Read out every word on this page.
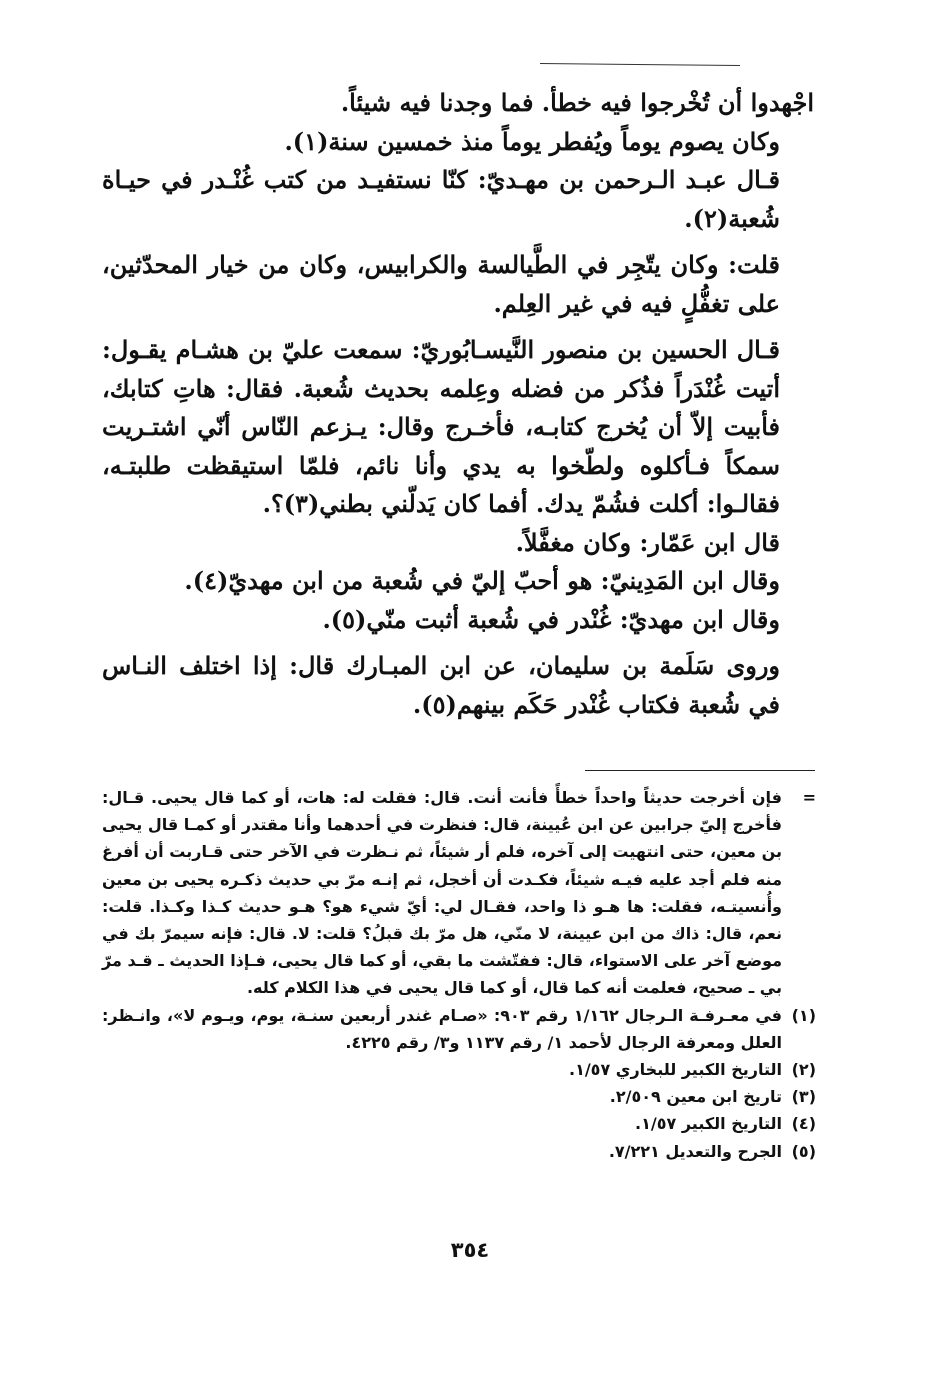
اجْهدوا أن تُخْرجوا فيه خطأ. فما وجدنا فيه شيئاً.

وكان يصوم يوماً ويُفطر يوماً منذ خمسين سنة(١).

قـال عبـد الـرحمن بن مهـديّ: كنّا نستفيـد من كتب غُنْـدر في حيـاة شُعبة(٢).

قلت: وكان يتّجِر في الطَّيالسة والكرابيس، وكان من خيار المحدّثين، على تغفُّلٍ فيه في غير العِلم.

قـال الحسين بن منصور النَّيسـابُوريّ: سمعت عليّ بن هشـام يقـول: أتيت غُنْدَراً فذُكر من فضله وعِلمه بحديث شُعبة. فقال: هاتِ كتابك، فأبيت إلاّ أن يُخرج كتابـه، فأخـرج وقال: يـزعم النّاس أنّي اشتـريت سمكاً فـأكلوه ولطّخوا به يدي وأنا نائم، فلمّا استيقظت طلبتـه، فقالـوا: أكلت فشُمّ يدك. أفما كان يَدلّني بطني(٣)؟.

قال ابن عَمّار: وكان مغفَّلاً.

وقال ابن المَدِينيّ: هو أحبّ إليّ في شُعبة من ابن مهديّ(٤).

وقال ابن مهديّ: غُنْدر في شُعبة أثبت منّي(٥).

وروى سَلَمة بن سليمان، عن ابن المبـارك قال: إذا اختلف النـاس في شُعبة فكتاب غُنْدر حَكَم بينهم(٥).

=
فإن أخرجت حديثاً واحداً خطأً فأنت أنت. قال: فقلت له: هات، أو كما قال يحيى. قـال: فأخرج إليّ جرابين عن ابن عُيينة، قال: فنظرت في أحدهما وأنا مقتدر أو كمـا قال يحيى بن معين، حتى انتهيت إلى آخره، فلم أر شيئاً، ثم نـظرت في الآخر حتى قـاربت أن أفرغ منه فلم أجد عليه فيـه شيئاً، فكـدت أن أخجل، ثم إنـه مرّ بي حديث ذكـره يحيى بن معين وأُنسيتـه، فقلت: ها هـو ذا واحد، فقـال لي: أيّ شيء هو؟ هـو حديث كـذا وكـذا. قلت: نعم، قال: ذاك من ابن عيينة، لا منّي، هل مرّ بك قبلُ؟ قلت: لا. قال: فإنه سيمرّ بك في موضع آخر على الاستواء، قال: ففتّشت ما بقي، أو كما قال يحيى، فـإذا الحديث ـ قـد مرّ بي ـ صحيح، فعلمت أنه كما قال، أو كما قال يحيى في هذا الكلام كله.
(١)
في معـرفـة الـرجال ١/١٦٢ رقم ٩٠٣: «صـام غندر أربعين سنـة، يوم، ويـوم لا»، وانـظر: العلل ومعرفة الرجال لأحمد ١/ رقم ١١٣٧ و٣/ رقم ٤٢٢٥.
(٢)
التاريخ الكبير للبخاري ١/٥٧.
(٣)
تاريخ ابن معين ٢/٥٠٩.
(٤)
التاريخ الكبير ١/٥٧.
(٥)
الجرح والتعديل ٧/٢٢١.
٣٥٤
